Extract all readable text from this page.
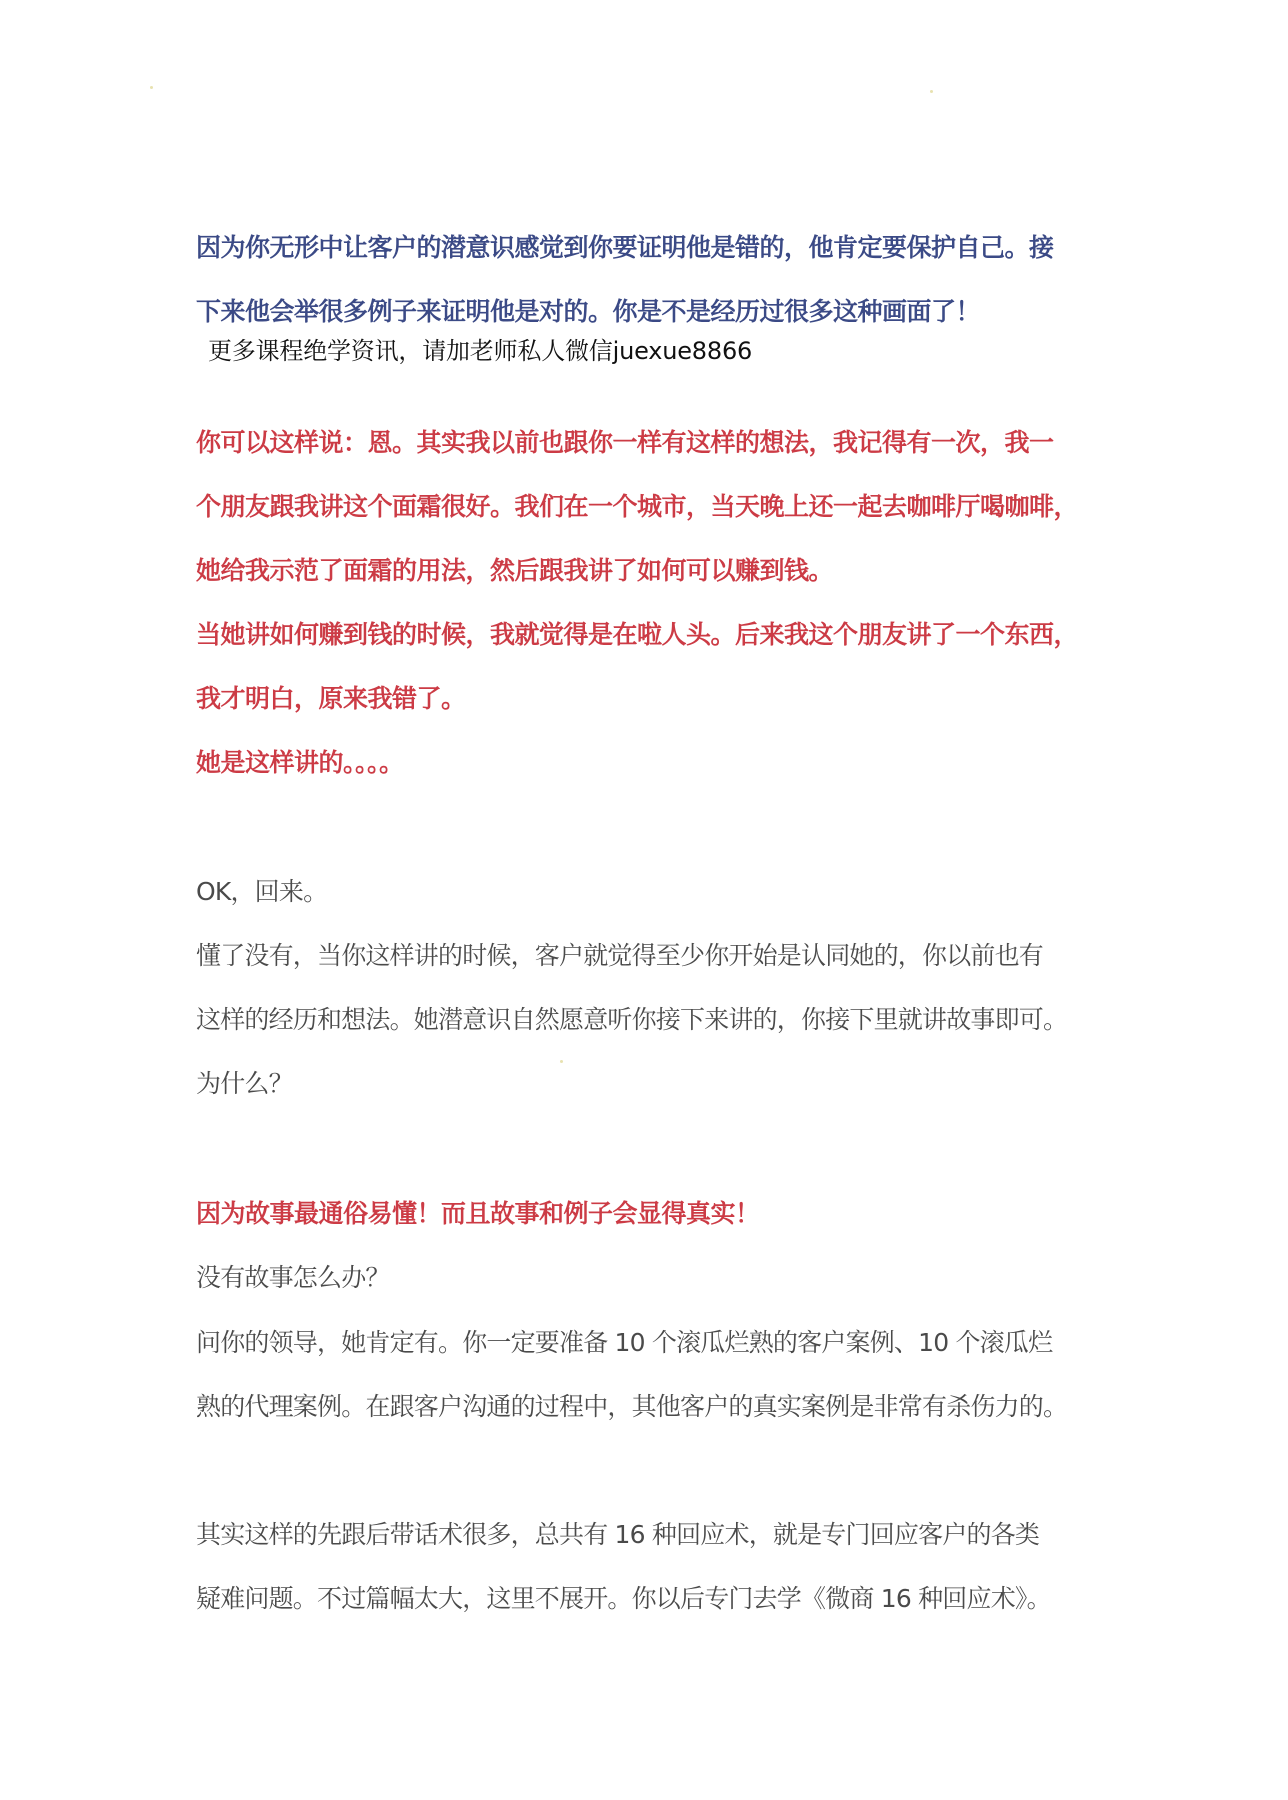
因为你无形中让客户的潜意识感觉到你要证明他是错的，他肯定要保护自己。接
下来他会举很多例子来证明他是对的。你是不是经历过很多这种画面了！
更多课程绝学资讯，请加老师私人微信juexue8866
你可以这样说：恩。其实我以前也跟你一样有这样的想法，我记得有一次，我一
个朋友跟我讲这个面霜很好。我们在一个城市，当天晚上还一起去咖啡厅喝咖啡，
她给我示范了面霜的用法，然后跟我讲了如何可以赚到钱。
当她讲如何赚到钱的时候，我就觉得是在啦人头。后来我这个朋友讲了一个东西，
我才明白，原来我错了。
她是这样讲的。。。。
OK，回来。
懂了没有，当你这样讲的时候，客户就觉得至少你开始是认同她的，你以前也有
这样的经历和想法。她潜意识自然愿意听你接下来讲的，你接下里就讲故事即可。
为什么？
因为故事最通俗易懂！而且故事和例子会显得真实！
没有故事怎么办？
问你的领导，她肯定有。你一定要准备 10 个滚瓜烂熟的客户案例、10 个滚瓜烂
熟的代理案例。在跟客户沟通的过程中，其他客户的真实案例是非常有杀伤力的。
其实这样的先跟后带话术很多，总共有 16 种回应术，就是专门回应客户的各类
疑难问题。不过篇幅太大，这里不展开。你以后专门去学《微商 16 种回应术》。
